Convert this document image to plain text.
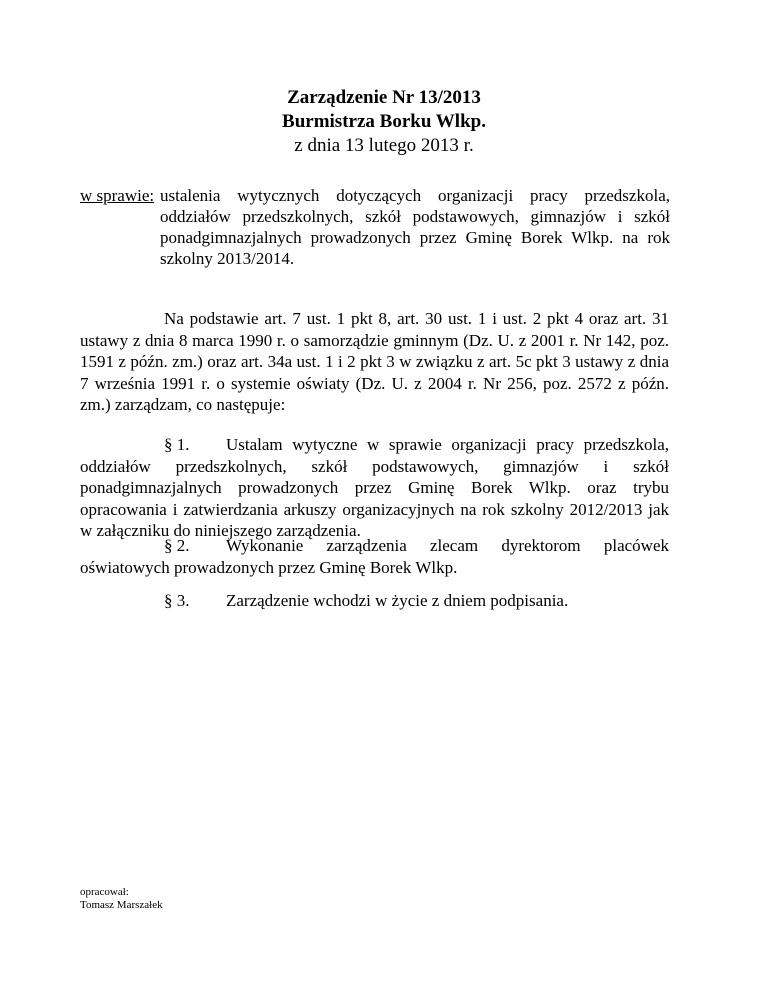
Zarządzenie Nr 13/2013
Burmistrza Borku Wlkp.
z dnia 13 lutego 2013 r.
w sprawie: ustalenia wytycznych dotyczących organizacji pracy przedszkola, oddziałów przedszkolnych, szkół podstawowych, gimnazjów i szkół ponadgimnazjalnych prowadzonych przez Gminę Borek Wlkp. na rok szkolny 2013/2014.

Na podstawie art. 7 ust. 1 pkt 8, art. 30 ust. 1 i ust. 2 pkt 4 oraz art. 31 ustawy z dnia 8 marca 1990 r. o samorządzie gminnym (Dz. U. z 2001 r. Nr 142, poz. 1591 z późn. zm.) oraz art. 34a ust. 1 i 2 pkt 3 w związku z art. 5c pkt 3 ustawy z dnia 7 września 1991 r. o systemie oświaty (Dz. U. z 2004 r. Nr 256, poz. 2572 z późn. zm.) zarządzam, co następuje:

§ 1. Ustalam wytyczne w sprawie organizacji pracy przedszkola, oddziałów przedszkolnych, szkół podstawowych, gimnazjów i szkół ponadgimnazjalnych prowadzonych przez Gminę Borek Wlkp. oraz trybu opracowania i zatwierdzania arkuszy organizacyjnych na rok szkolny 2012/2013 jak w załączniku do niniejszego zarządzenia.

§ 2. Wykonanie zarządzenia zlecam dyrektorom placówek oświatowych prowadzonych przez Gminę Borek Wlkp.

§ 3. Zarządzenie wchodzi w życie z dniem podpisania.

opracował:
Tomasz Marszałek
